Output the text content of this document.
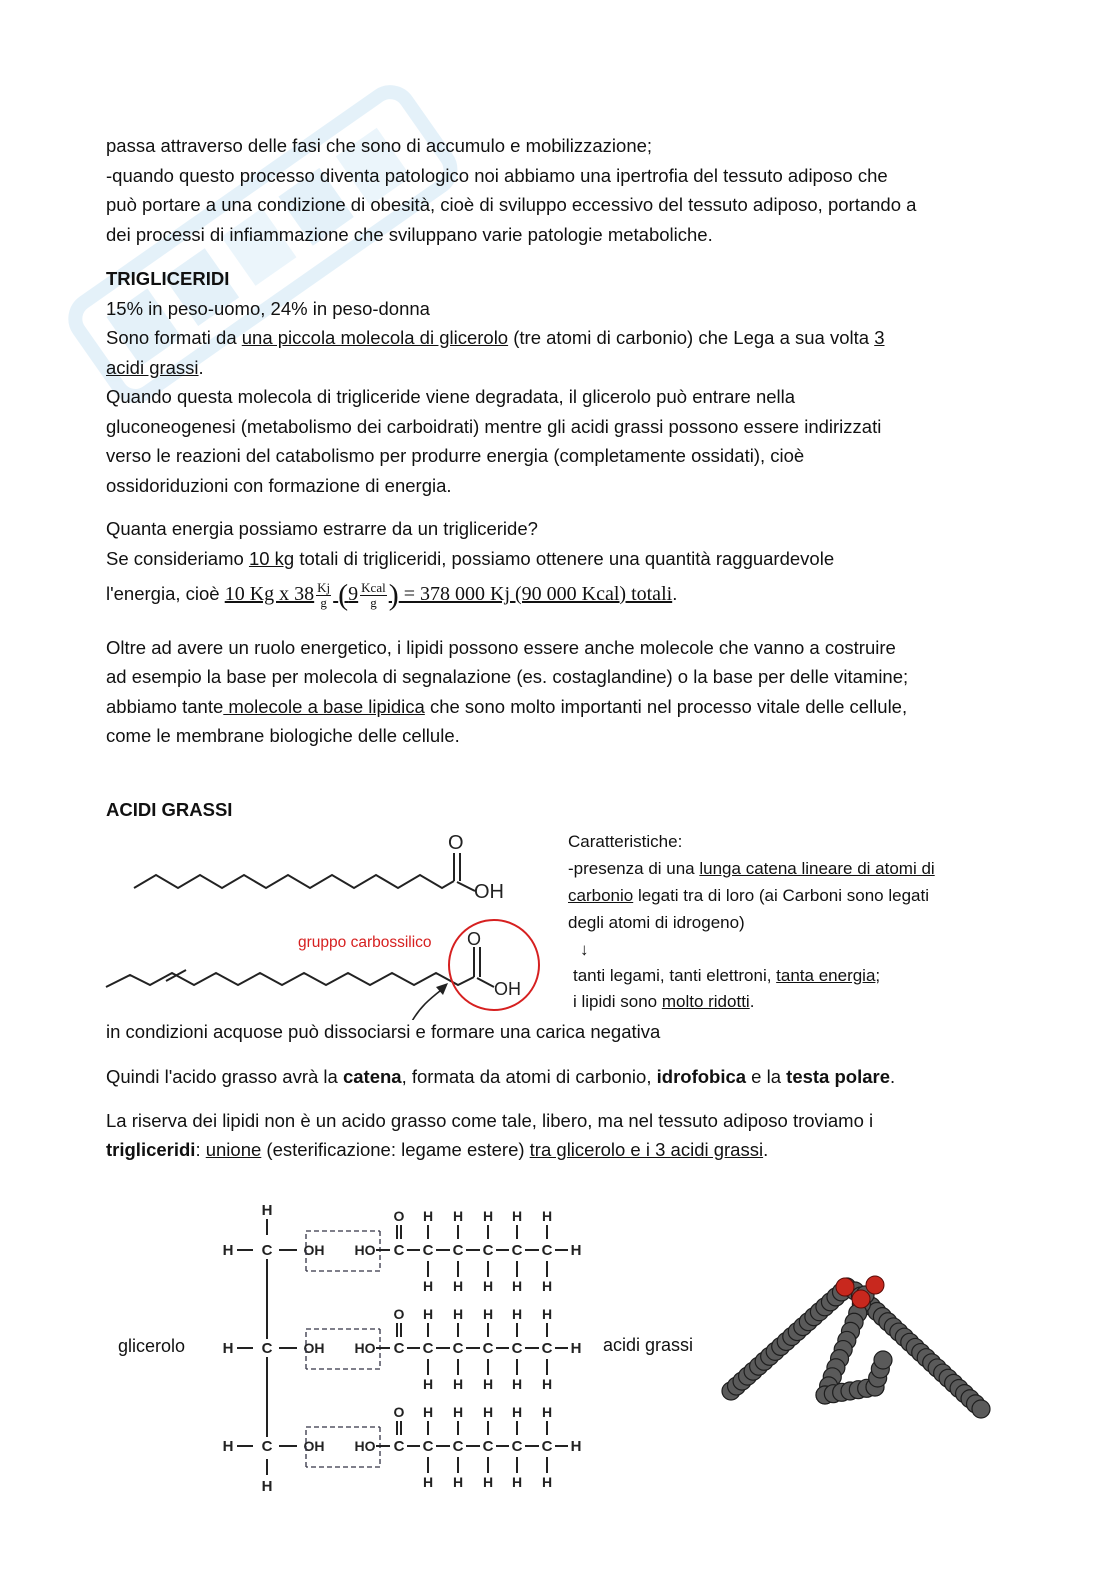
passa attraverso delle fasi che sono di accumulo e mobilizzazione;

-quando questo processo diventa patologico noi abbiamo una ipertrofia del tessuto adiposo che

può portare a una condizione di obesità, cioè di sviluppo eccessivo del tessuto adiposo, portando a

dei processi di infiammazione che sviluppano varie patologie metaboliche.

TRIGLICERIDI

15% in peso-uomo, 24% in peso-donna

Sono formati da una piccola molecola di glicerolo (tre atomi di carbonio) che Lega a sua volta 3

acidi grassi.

Quando questa molecola di trigliceride viene degradata, il glicerolo può entrare nella

gluconeogenesi (metabolismo dei carboidrati) mentre gli acidi grassi possono essere indirizzati

verso le reazioni del catabolismo per produrre energia (completamente ossidati), cioè

ossidoriduzioni con formazione di energia.

Quanta energia possiamo estrarre da un trigliceride?

Se consideriamo 10 kg totali di trigliceridi, possiamo ottenere una quantità ragguardevole

l'energia, cioè 10 Kg x $38 \frac{Kj}{g} (9 \frac{\text{Kcal}}{g}$ ) = 378 000 Kj (90 000 Kcal) totali.

Oltre ad avere un ruolo energetico, i lipidi possono essere anche molecole che vanno a costruire

ad esempio la base per molecola di segnalazione (es. costaglandine) o la base per delle vitamine;

abbiamo tante molecole a base lipidica che sono molto importanti nel processo vitale delle cellule,

come le membrane biologiche delle cellule.

ACIDI GRASSI

O
OH
O
OH
gruppo carbossilico
Caratteristiche:
-presenza di una lunga catena lineare di atomi di
carbonio legati tra di loro (ai Carboni sono legati
degli atomi di idrogeno)
↓
tanti legami, tanti elettroni, tanta energia;
i lipidi sono molto ridotti.

in condizioni acquose può dissociarsi e formare una carica negativa

Quindi l'acido grasso avrà la catena, formata da atomi di carbonio, idrofobica e la testa polare.

La riserva dei lipidi non è un acido grasso come tale, libero, ma nel tessuto adiposo troviamo i

trigliceridi: unione (esterificazione: legame estere) tra glicerolo e i 3 acidi grassi.

glicerolo	acidi grassi
H
H
H C OH HO C
O
C
H
H
C
H
H
C
H
H
C
H
H
C
H
H
H
H C OH HO C
O
C
H
H
C
H
H
C
H
H
C
H
H
C
H
H
H
H C OH HO C
O
C
H
H
C
H
H
C
H
H
C
H
H
C
H
H
H
